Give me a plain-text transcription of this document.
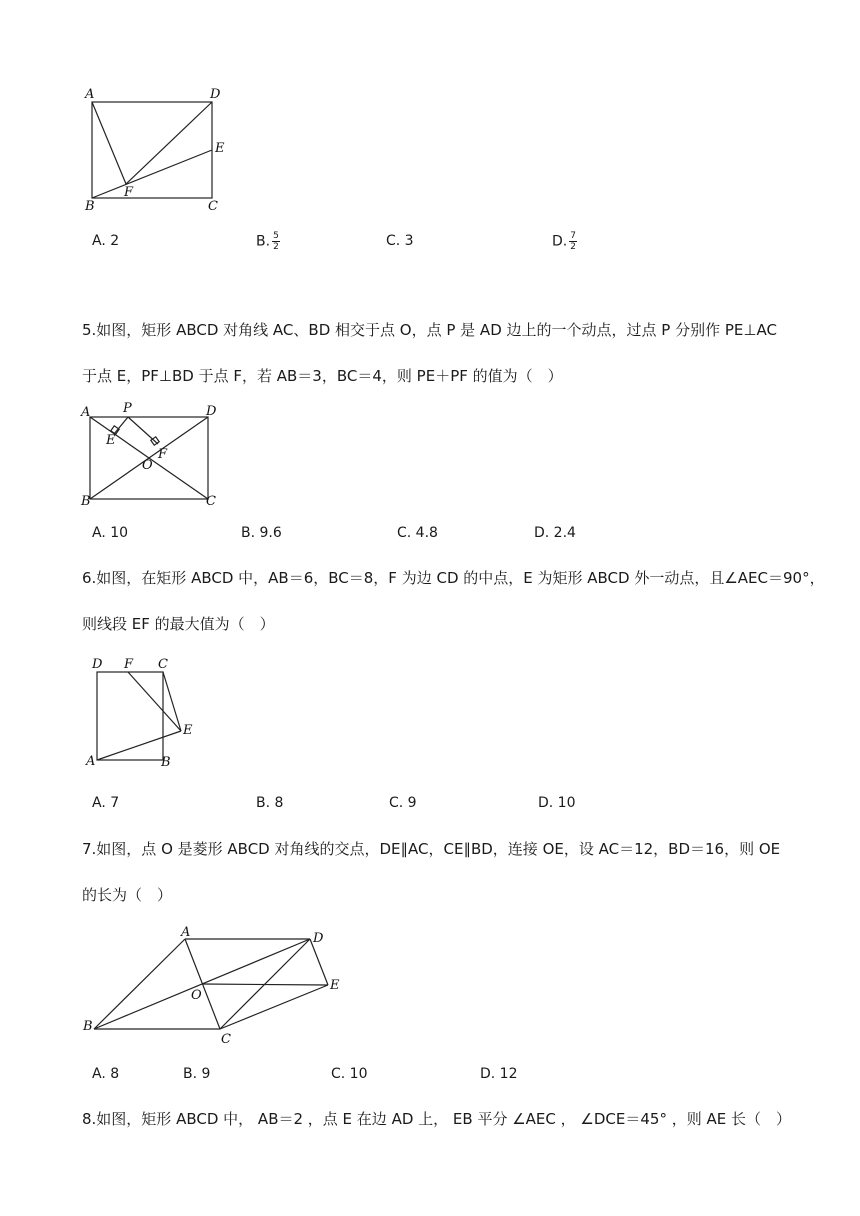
A	D
E
B
F
C
A. 2	B. $\frac{5}{2}$	C. 3	D. $\frac{7}{2}$
5.如图，矩形 ABCD 对角线 AC、BD 相交于点 O，点 P 是 AD 边上的一个动点，过点 P 分别作 PE⊥AC
于点 E，PF⊥BD 于点 F，若 AB＝3，BC＝4，则 PE＋PF 的值为（　）
A	P	D
E
F
O
B	C
A. 10	B. 9.6	C. 4.8	D. 2.4
6.如图，在矩形 ABCD 中，AB＝6，BC＝8，F 为边 CD 的中点，E 为矩形 ABCD 外一动点，且∠AEC＝90°，
则线段 EF 的最大值为（　）
D F C
E
A	B
A. 7	B. 8	C. 9	D. 10
7.如图，点 O 是菱形 ABCD 对角线的交点，DE∥AC，CE∥BD，连接 OE，设 AC＝12，BD＝16，则 OE
的长为（　）
A	D
O
E
B
C
A. 8	B. 9	C. 10	D. 12
8.如图，矩形 ABCD 中， AB＝2 ，点 E 在边 AD 上， EB 平分 ∠AEC ， ∠DCE＝45° ，则 AE 长（　）
